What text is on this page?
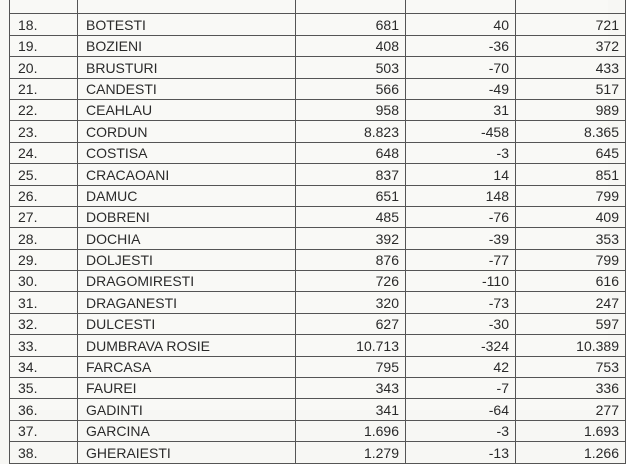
18.	BOTESTI	681	40	721
19.	BOZIENI	408	-36	372
20.	BRUSTURI	503	-70	433
21.	CANDESTI	566	-49	517
22.	CEAHLAU	958	31	989
23.	CORDUN	8.823	-458	8.365
24.	COSTISA	648	-3	645
25.	CRACAOANI	837	14	851
26.	DAMUC	651	148	799
27.	DOBRENI	485	-76	409
28.	DOCHIA	392	-39	353
29.	DOLJESTI	876	-77	799
30.	DRAGOMIRESTI	726	-110	616
31.	DRAGANESTI	320	-73	247
32.	DULCESTI	627	-30	597
33.	DUMBRAVA ROSIE	10.713	-324	10.389
34.	FARCASA	795	42	753
35.	FAUREI	343	-7	336
36.	GADINTI	341	-64	277
37.	GARCINA	1.696	-3	1.693
38.	GHERAIESTI	1.279	-13	1.266
